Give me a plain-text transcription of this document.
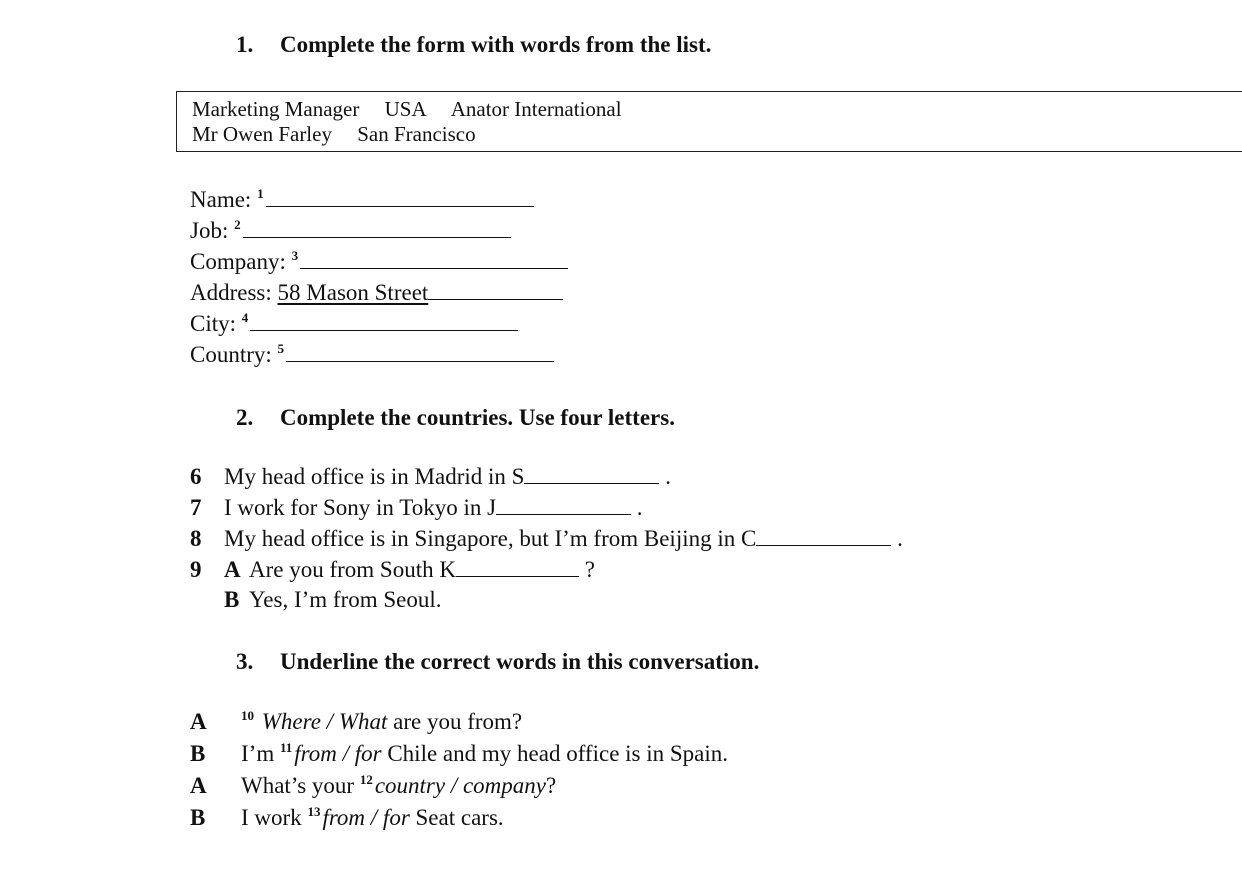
1. Complete the form with words from the list.
Marketing Manager USA Anator International
Mr Owen Farley San Francisco
Name: $^1$
Job: $^2$
Company: $^3$
Address: 58 Mason Street
City: $^4$
Country: $^5$
2. Complete the countries. Use four letters.
6 My head office is in Madrid in S	.
7 I work for Sony in Tokyo in J	.
8 My head office is in Singapore, but I’m from Beijing in C	.
9 A Are you from South K	?
B Yes, I’m from Seoul.
3. Underline the correct words in this conversation.
A	$^{10}$ Where / What are you from?
B I’m $^{11}$from / for Chile and my head office is in Spain.
A What’s your $^{12}$country / company?
B I work $^{13}$from / for Seat cars.
